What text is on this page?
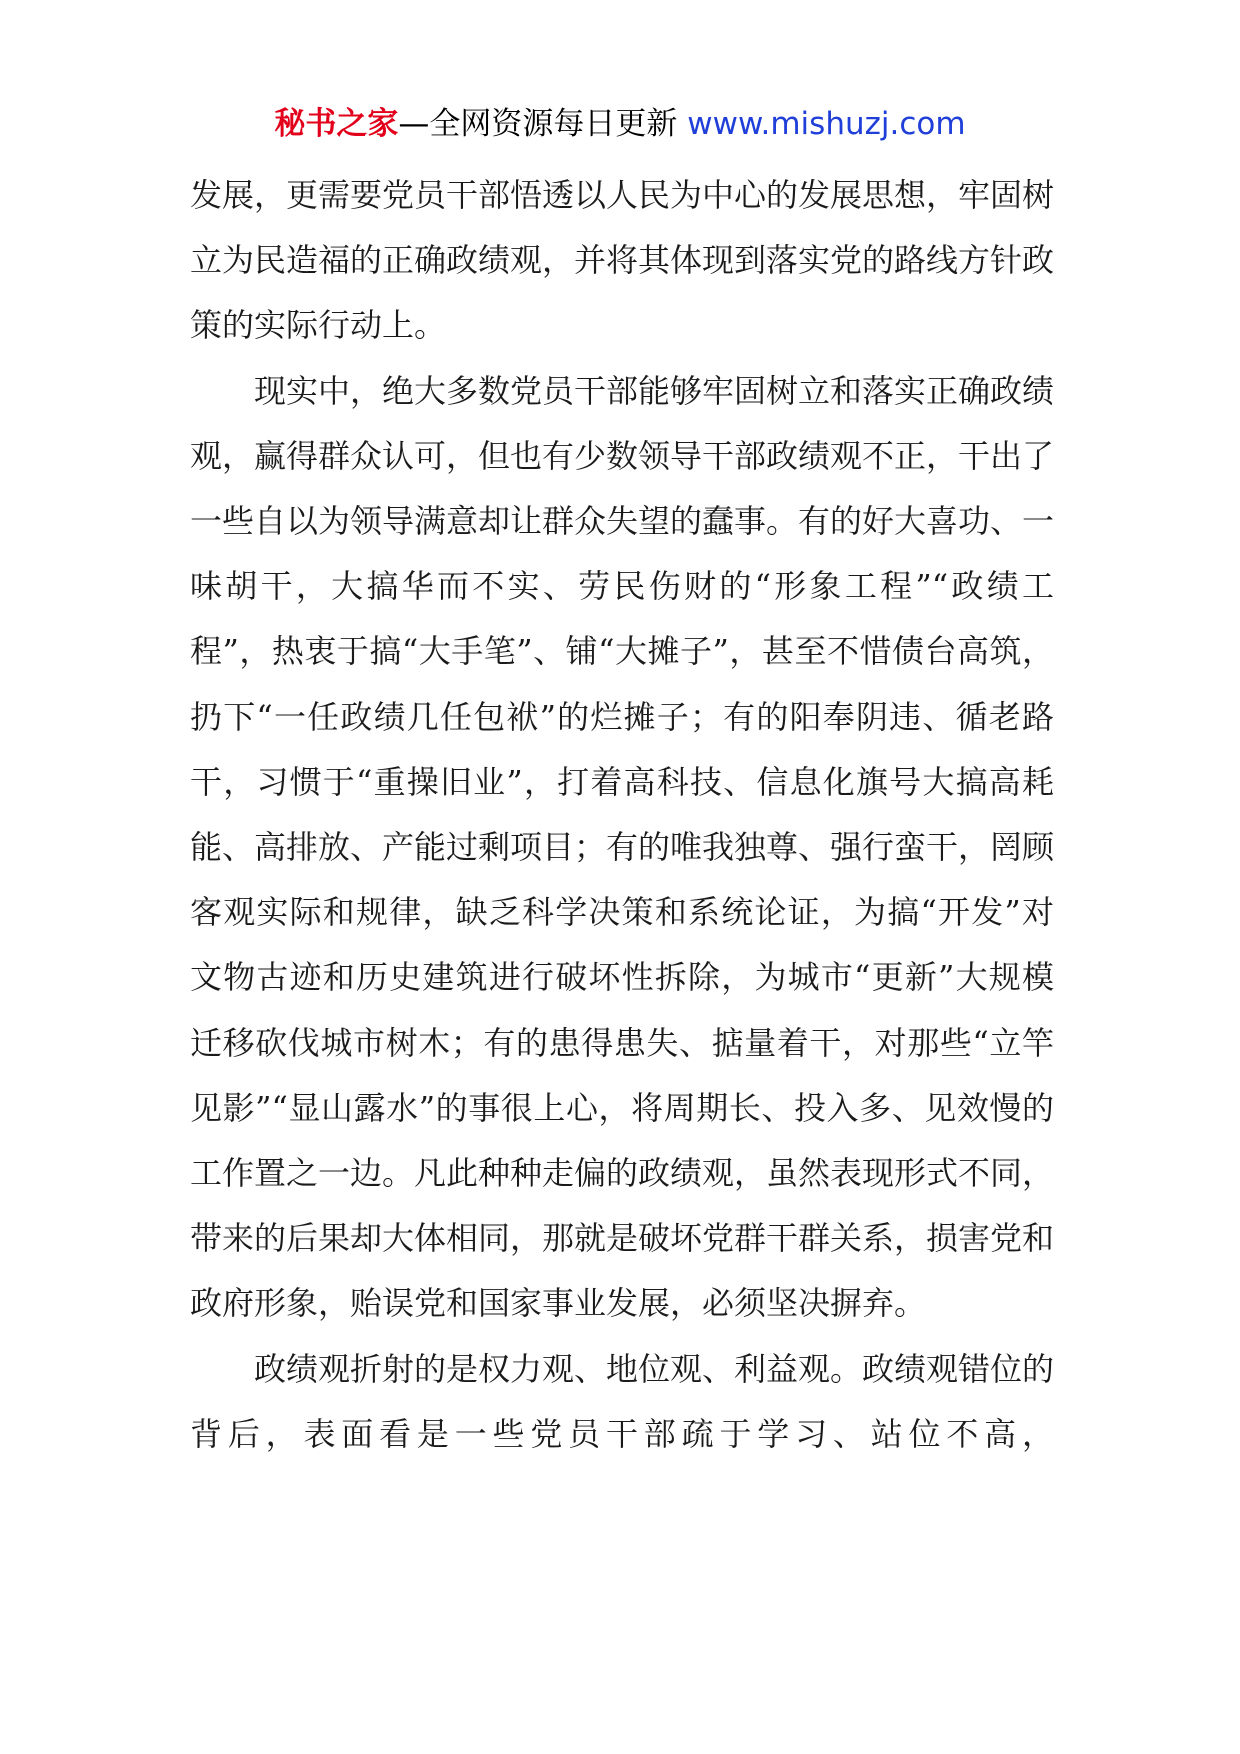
秘书之家—全网资源每日更新 www.mishuzj.com

发展，更需要党员干部悟透以人民为中心的发展思想，牢固树立为民造福的正确政绩观，并将其体现到落实党的路线方针政策的实际行动上。

现实中，绝大多数党员干部能够牢固树立和落实正确政绩观，赢得群众认可，但也有少数领导干部政绩观不正，干出了一些自以为领导满意却让群众失望的蠢事。有的好大喜功、一味胡干，大搞华而不实、劳民伤财的“形象工程”“政绩工程”，热衷于搞“大手笔”、铺“大摊子”，甚至不惜债台高筑，扔下“一任政绩几任包袱”的烂摊子；有的阳奉阴违、循老路干，习惯于“重操旧业”，打着高科技、信息化旗号大搞高耗能、高排放、产能过剩项目；有的唯我独尊、强行蛮干，罔顾客观实际和规律，缺乏科学决策和系统论证，为搞“开发”对文物古迹和历史建筑进行破坏性拆除，为城市“更新”大规模迁移砍伐城市树木；有的患得患失、掂量着干，对那些“立竿见影”“显山露水”的事很上心，将周期长、投入多、见效慢的工作置之一边。凡此种种走偏的政绩观，虽然表现形式不同，带来的后果却大体相同，那就是破坏党群干群关系，损害党和政府形象，贻误党和国家事业发展，必须坚决摒弃。

政绩观折射的是权力观、地位观、利益观。政绩观错位的背后，表面看是一些党员干部疏于学习、站位不高，
